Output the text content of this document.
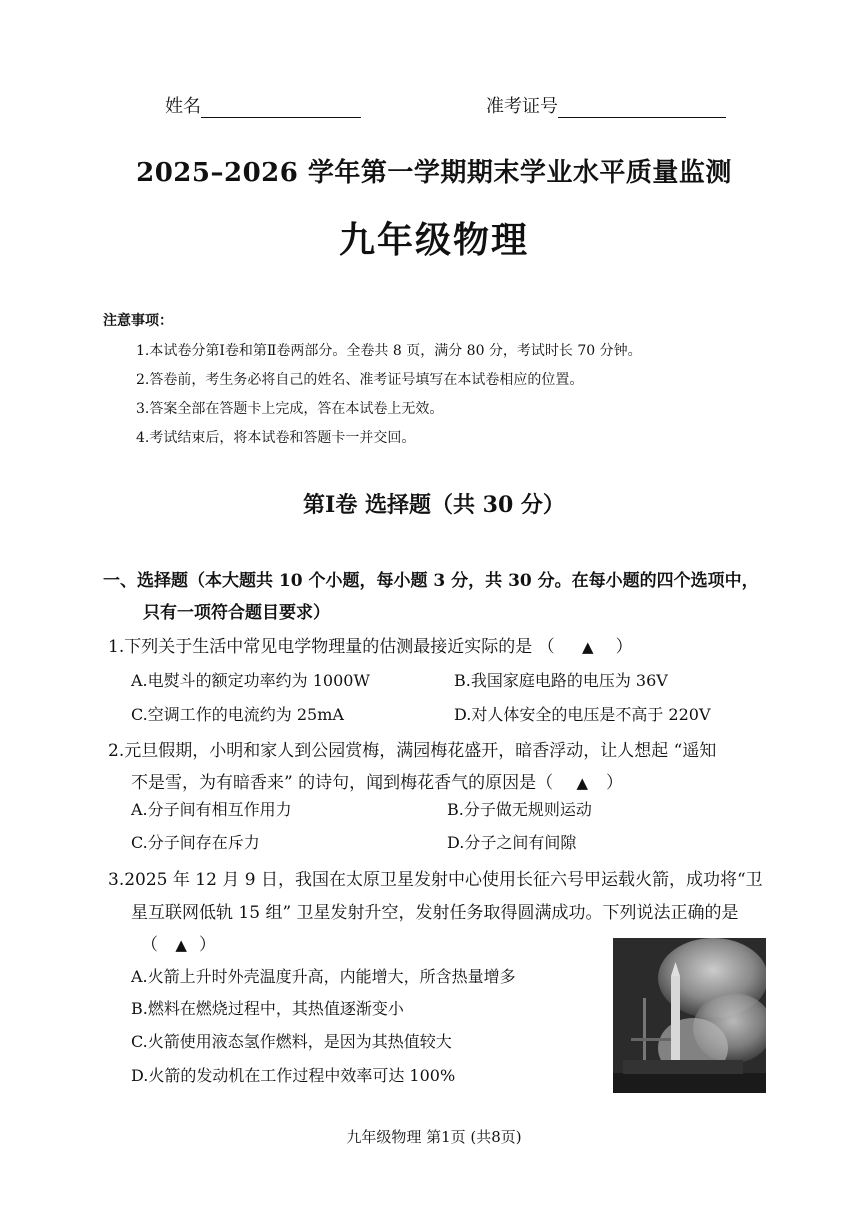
姓名	准考证号
2025–2026 学年第一学期期末学业水平质量监测
九年级物理
注意事项：
1.本试卷分第Ⅰ卷和第Ⅱ卷两部分。全卷共 8 页，满分 80 分，考试时长 70 分钟。
2.答卷前，考生务必将自己的姓名、准考证号填写在本试卷相应的位置。
3.答案全部在答题卡上完成，答在本试卷上无效。
4.考试结束后，将本试卷和答题卡一并交回。
第Ⅰ卷 选择题（共 30 分）
一、选择题（本大题共 10 个小题，每小题 3 分，共 30 分。在每小题的四个选项中，
只有一项符合题目要求）
1.下列关于生活中常见电学物理量的估测最接近实际的是 （ ▲ ）
A.电熨斗的额定功率约为 1000W	B.我国家庭电路的电压为 36V
C.空调工作的电流约为 25mA	D.对人体安全的电压是不高于 220V
2.元旦假期，小明和家人到公园赏梅，满园梅花盛开，暗香浮动，让人想起 “遥知
不是雪，为有暗香来” 的诗句，闻到梅花香气的原因是（ ▲ ）
A.分子间有相互作用力	B.分子做无规则运动
C.分子间存在斥力	D.分子之间有间隙
3.2025 年 12 月 9 日，我国在太原卫星发射中心使用长征六号甲运载火箭，成功将“卫
星互联网低轨 15 组” 卫星发射升空，发射任务取得圆满成功。下列说法正确的是
（ ▲ ）
A.火箭上升时外壳温度升高，内能增大，所含热量增多
B.燃料在燃烧过程中，其热值逐渐变小
C.火箭使用液态氢作燃料，是因为其热值较大
D.火箭的发动机在工作过程中效率可达 100%
九年级物理 第1页 (共8页)
